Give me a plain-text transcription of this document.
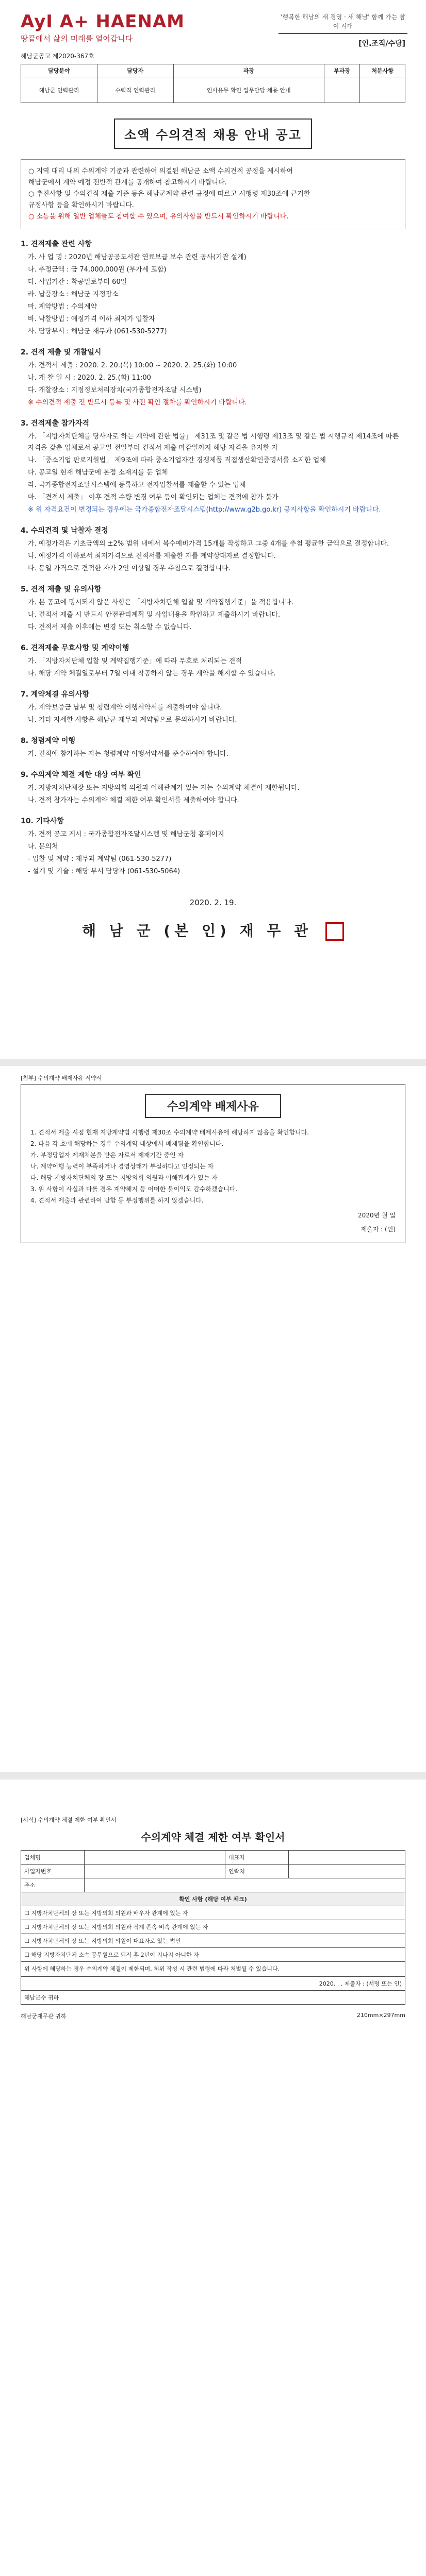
AyI A+ HAENAM
땅끝에서 삶의 미래를 열어갑니다
'행복한 해남의 새 경영 · 새 해남' 함께 가는 참여 시대
[인.조직/수당]
해남군공고 제2020-367호
담당분야	담당자	과장	부과장	처분사항
해남군 인력관리	수력직 인력관리	인사유무 확인 업무담당 채용 안내		
소액 수의견적 채용 안내 공고
○ 지역 대리 내의 수의계약 기준과 관련하여 의결된 해남군 소액 수의견적 공정을 제시하여
해남군에서 계약 예정 전반적 관계를 공개하여 참고하시기 바랍니다.
○ 추진사항 및 수의견적 제출 기준 등은 해남군계약 관련 규정에 따르고 시행령 제30조에 근거한
규정사항 등을 확인하시기 바랍니다.
○ 소통을 위해 일반 업체들도 참여할 수 있으며, 유의사항을 반드시 확인하시기 바랍니다.
1. 견적제출 관련 사항

가. 사 업 명 : 2020년 해남공공도서관 연료보급 보수 관련 공사(기관 설계)

나. 추정금액 : 금 74,000,000원 (부가세 포함)

다. 사업기간 : 착공일로부터 60일

라. 납품장소 : 해남군 지정장소

마. 계약방법 : 수의계약

바. 낙찰방법 : 예정가격 이하 최저가 입찰자

사. 담당부서 : 해남군 재무과 (061-530-5277)

2. 견적 제출 및 개찰일시

가. 견적서 제출 : 2020. 2. 20.(목) 10:00 ~ 2020. 2. 25.(화) 10:00

나. 개 찰 일 시 : 2020. 2. 25.(화) 11:00

다. 개찰장소 : 지정정보처리장치(국가종합전자조달 시스템)

※ 수의견적 제출 전 반드시 등록 및 사전 확인 절차를 확인하시기 바랍니다.

3. 견적제출 참가자격

가. 「지방자치단체를 당사자로 하는 계약에 관한 법률」 제31조 및 같은 법 시행령 제13조 및 같은 법 시행규칙 제14조에 따른 자격을 갖춘 업체로서 공고일 전일부터 견적서 제출 마감일까지 해당 자격을 유지한 자

나. 「중소기업 판로지원법」 제9조에 따라 중소기업자간 경쟁제품 직접생산확인증명서를 소지한 업체

다. 공고일 현재 해남군에 본점 소재지를 둔 업체

라. 국가종합전자조달시스템에 등록하고 전자입찰서를 제출할 수 있는 업체

마. 「견적서 제출」 이후 견적 수량 변경 여부 등이 확인되는 업체는 견적에 참가 불가

※ 위 자격요건이 변경되는 경우에는 국가종합전자조달시스템(http://www.g2b.go.kr) 공지사항을 확인하시기 바랍니다.

4. 수의견적 및 낙찰자 결정

가. 예정가격은 기초금액의 ±2% 범위 내에서 복수예비가격 15개를 작성하고 그중 4개를 추첨 평균한 금액으로 결정합니다.

나. 예정가격 이하로서 최저가격으로 견적서를 제출한 자를 계약상대자로 결정합니다.

다. 동일 가격으로 견적한 자가 2인 이상일 경우 추첨으로 결정합니다.

5. 견적 제출 및 유의사항

가. 본 공고에 명시되지 않은 사항은 「지방자치단체 입찰 및 계약집행기준」을 적용합니다.

나. 견적서 제출 시 반드시 안전관리계획 및 사업내용을 확인하고 제출하시기 바랍니다.

다. 견적서 제출 이후에는 변경 또는 취소할 수 없습니다.

6. 견적제출 무효사항 및 계약이행

가. 「지방자치단체 입찰 및 계약집행기준」에 따라 무효로 처리되는 견적

나. 해당 계약 체결일로부터 7일 이내 착공하지 않는 경우 계약을 해지할 수 있습니다.

7. 계약체결 유의사항

가. 계약보증금 납부 및 청렴계약 이행서약서를 제출하여야 합니다.

나. 기타 자세한 사항은 해남군 재무과 계약팀으로 문의하시기 바랍니다.

8. 청렴계약 이행

가. 견적에 참가하는 자는 청렴계약 이행서약서를 준수하여야 합니다.

9. 수의계약 체결 제한 대상 여부 확인

가. 지방자치단체장 또는 지방의회 의원과 이해관계가 있는 자는 수의계약 체결이 제한됩니다.

나. 견적 참가자는 수의계약 체결 제한 여부 확인서를 제출하여야 합니다.

10. 기타사항

가. 견적 공고 게시 : 국가종합전자조달시스템 및 해남군청 홈페이지

나. 문의처

- 입찰 및 계약 : 재무과 계약팀 (061-530-5277)

- 설계 및 기술 : 해당 부서 담당자 (061-530-5064)

2020. 2. 19.
해 남 군 (본 인) 재 무 관
[첨부] 수의계약 배제사유 서약서
수의계약 배제사유

1. 견적서 제출 시점 현재 지방계약법 시행령 제30조 수의계약 배제사유에 해당하지 않음을 확인합니다.

2. 다음 각 호에 해당하는 경우 수의계약 대상에서 배제됨을 확인합니다.

가. 부정당업자 제재처분을 받은 자로서 제재기간 중인 자

나. 계약이행 능력이 부족하거나 경영상태가 부실하다고 인정되는 자

다. 해당 지방자치단체의 장 또는 지방의회 의원과 이해관계가 있는 자

3. 위 사항이 사실과 다를 경우 계약해지 등 어떠한 불이익도 감수하겠습니다.

4. 견적서 제출과 관련하여 담합 등 부정행위를 하지 않겠습니다.

2020년 월 일
제출자 : (인)
[서식] 수의계약 체결 제한 여부 확인서
수의계약 체결 제한 여부 확인서
업체명		대표자	
사업자번호		연락처	
주소			
확인 사항 (해당 여부 체크)			
☐ 지방자치단체의 장 또는 지방의회 의원과 배우자 관계에 있는 자			
☐ 지방자치단체의 장 또는 지방의회 의원과 직계 존속·비속 관계에 있는 자			
☐ 지방자치단체의 장 또는 지방의회 의원이 대표자로 있는 법인			
☐ 해당 지방자치단체 소속 공무원으로 퇴직 후 2년이 지나지 아니한 자			
위 사항에 해당하는 경우 수의계약 체결이 제한되며, 허위 작성 시 관련 법령에 따라 처벌될 수 있습니다.			
2020. . . 제출자 : (서명 또는 인)			
해남군수 귀하			
해남군재무관 귀하	210mm×297mm
